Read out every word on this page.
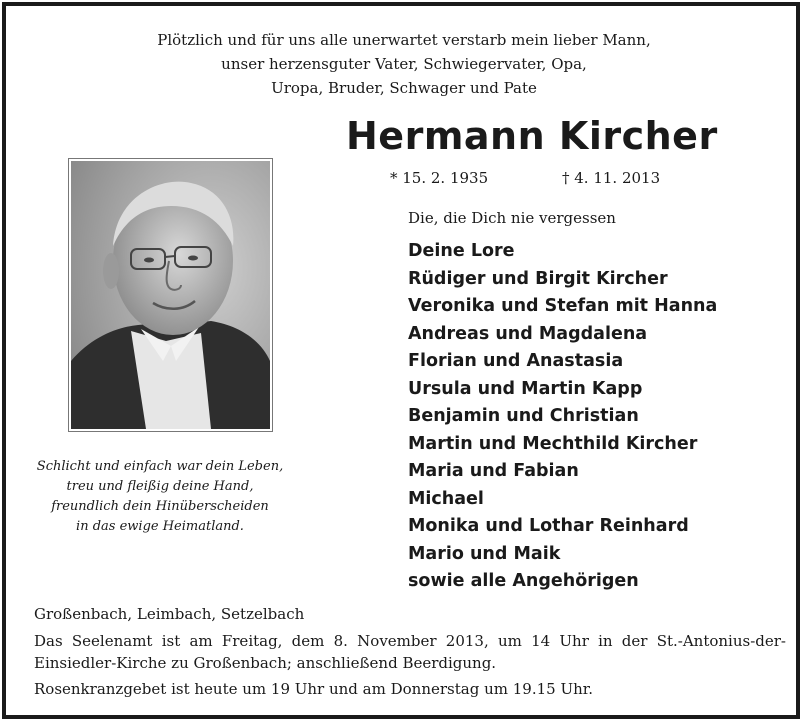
Plötzlich und für uns alle unerwartet verstarb mein lieber Mann,
unser herzensguter Vater, Schwiegervater, Opa,
Uropa, Bruder, Schwager und Pate
Hermann Kircher
* 15. 2. 1935	† 4. 11. 2013
Schlicht und einfach war dein Leben,
treu und fleißig deine Hand,
freundlich dein Hinüberscheiden
in das ewige Heimatland.
Die, die Dich nie vergessen
Deine Lore
Rüdiger und Birgit Kircher
Veronika und Stefan mit Hanna
Andreas und Magdalena
Florian und Anastasia
Ursula und Martin Kapp
Benjamin und Christian
Martin und Mechthild Kircher
Maria und Fabian
Michael
Monika und Lothar Reinhard
Mario und Maik
sowie alle Angehörigen
Großenbach, Leimbach, Setzelbach

Das Seelenamt ist am Freitag, dem 8. November 2013, um 14 Uhr in der St.-Antonius-der-Einsiedler-Kirche zu Großenbach; anschließend Beerdigung.

Rosenkranzgebet ist heute um 19 Uhr und am Donnerstag um 19.15 Uhr.
